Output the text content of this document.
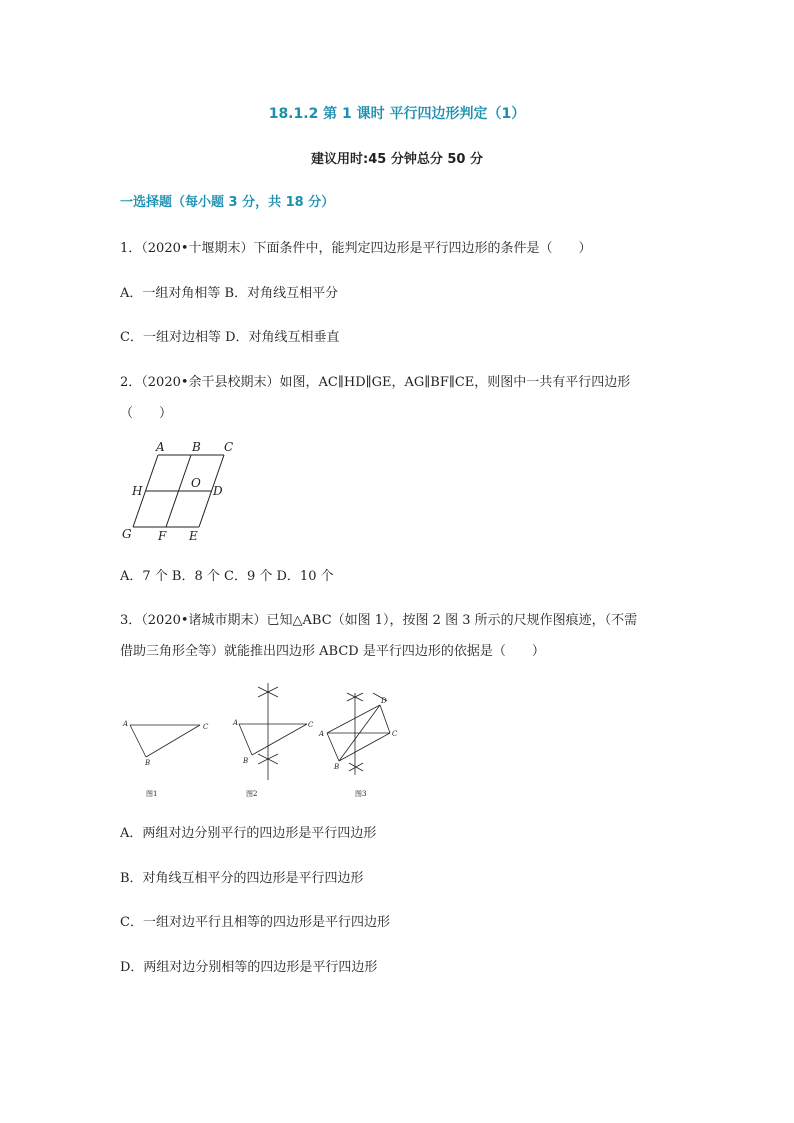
18.1.2 第 1 课时 平行四边形判定（1）
建议用时:45 分钟总分 50 分
一选择题（每小题 3 分，共 18 分）
1．（2020•十堰期末）下面条件中，能判定四边形是平行四边形的条件是（　　）
A．一组对角相等 B．对角线互相平分
C．一组对边相等 D．对角线互相垂直
2．（2020•余干县校期末）如图，AC∥HD∥GE，AG∥BF∥CE，则图中一共有平行四边形
（　　）
A B C
H
O
D
G F E
A．7 个 B．8 个 C．9 个 D．10 个
3．（2020•诸城市期末）已知△ABC（如图 1），按图 2 图 3 所示的尺规作图痕迹，（不需
借助三角形全等）就能推出四边形 ABCD 是平行四边形的依据是（　　）
A	C
B
图1
A	C
B
图2
A	C
B
D
图3
A．两组对边分别平行的四边形是平行四边形
B．对角线互相平分的四边形是平行四边形
C．一组对边平行且相等的四边形是平行四边形
D．两组对边分别相等的四边形是平行四边形
